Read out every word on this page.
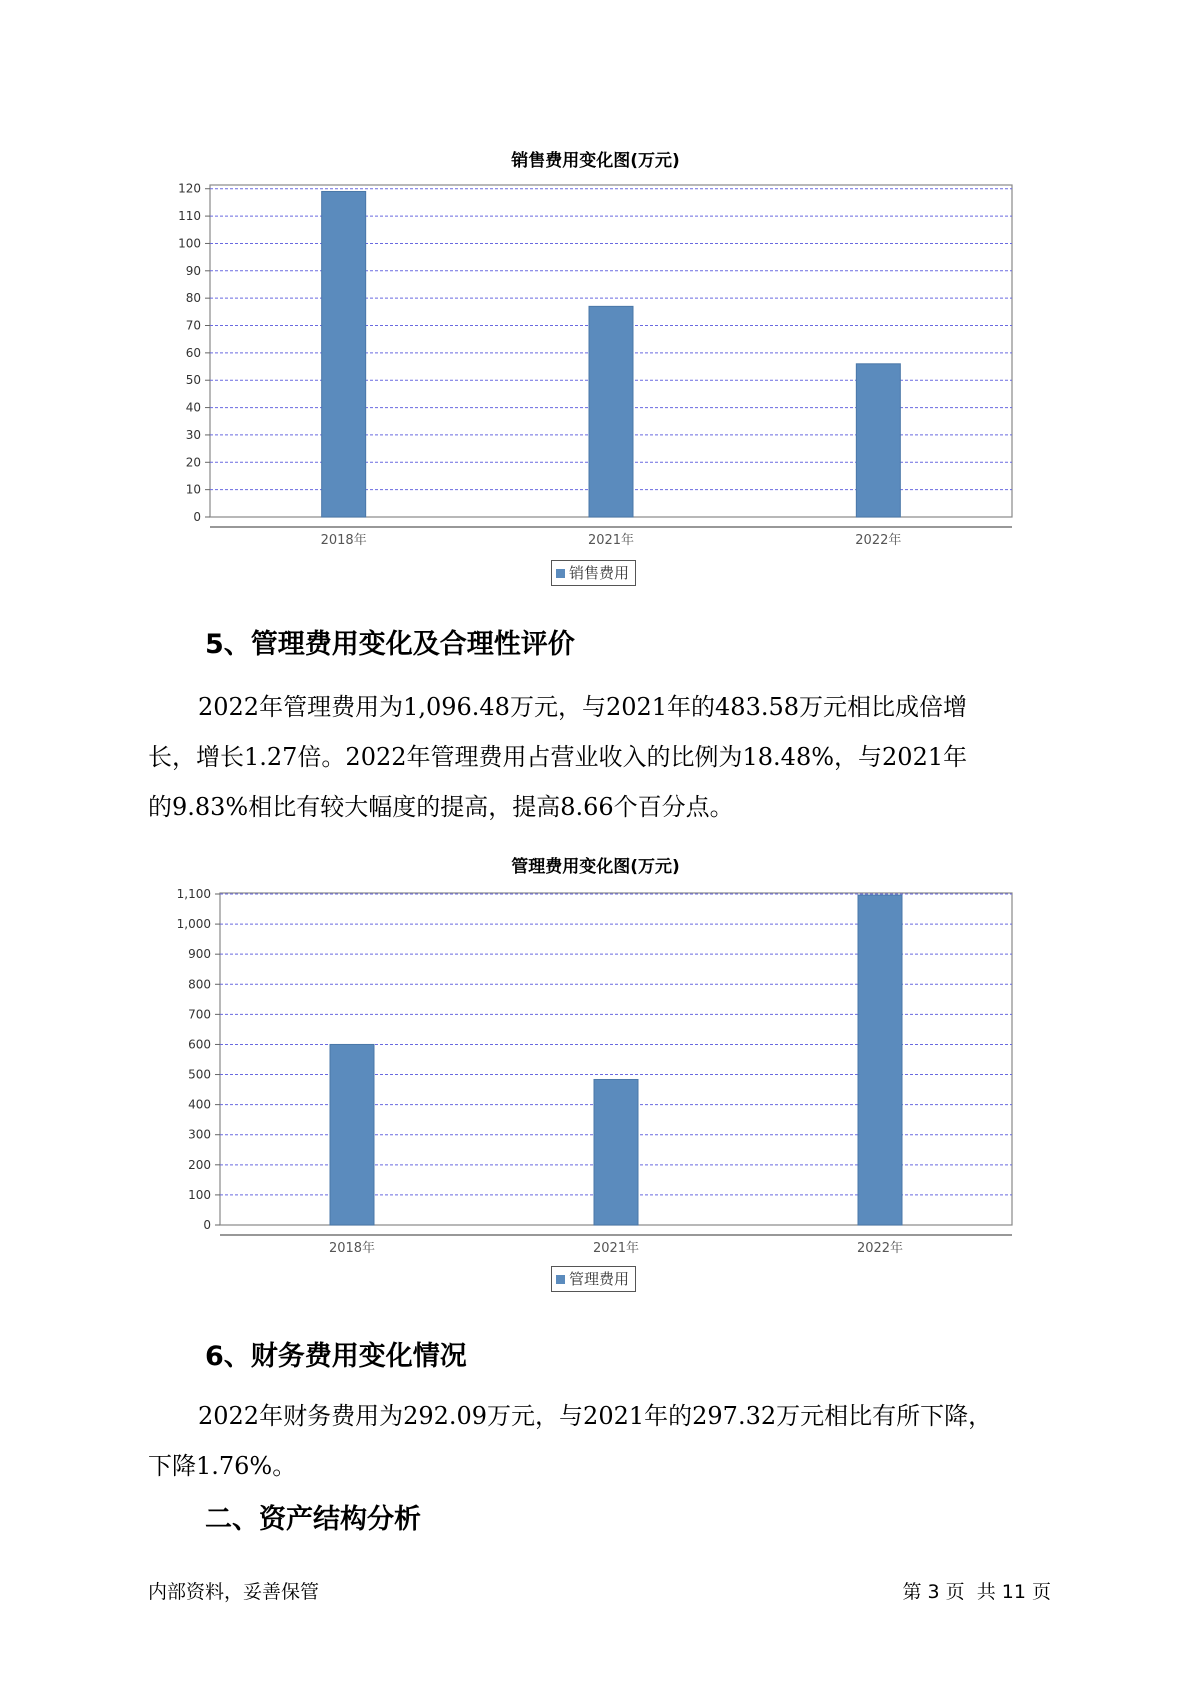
销售费用变化图(万元)
0
10
20
30
40
50
60
70
80
90
100
110
120
2018年	2021年	2022年
销售费用
5、管理费用变化及合理性评价
2022年管理费用为1,096.48万元，与2021年的483.58万元相比成倍增
长，增长1.27倍。2022年管理费用占营业收入的比例为18.48%，与2021年
的9.83%相比有较大幅度的提高，提高8.66个百分点。
管理费用变化图(万元)
0
100
200
300
400
500
600
700
800
900
1,000
1,100
2018年	2021年	2022年
管理费用
6、财务费用变化情况
2022年财务费用为292.09万元，与2021年的297.32万元相比有所下降，
下降1.76%。
二、资产结构分析
内部资料，妥善保管	第 3 页  共 11 页
